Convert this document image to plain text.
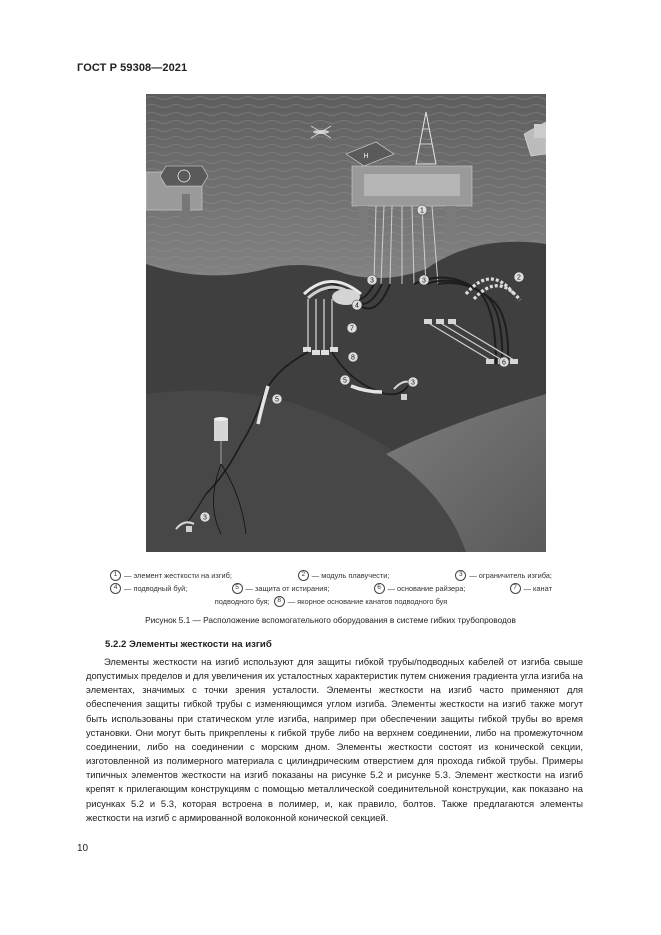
ГОСТ Р 59308—2021
H
1
2
3
3
3
3
4
5
5
6
7
8
1 — элемент жесткости на изгиб;	2 — модуль плавучести;	3 — ограничитель изгиба;
4 — подводный буй;	5 — защита от истирания;	6 — основание райзера;	7 — канат
подводного буя;	8 — якорное основание канатов подводного буя
Рисунок 5.1 — Расположение вспомогательного оборудования в системе гибких трубопроводов
5.2.2 Элементы жесткости на изгиб

Элементы жесткости на изгиб используют для защиты гибкой трубы/подводных кабелей от изгиба свыше допустимых пределов и для увеличения их усталостных характеристик путем снижения градиента угла изгиба на элементах, значимых с точки зрения усталости. Элементы жесткости на изгиб часто применяют для обеспечения защиты гибкой трубы с изменяющимся углом изгиба. Элементы жесткости на изгиб также могут быть использованы при статическом угле изгиба, например при обеспечении защиты гибкой трубы во время установки. Они могут быть прикреплены к гибкой трубе либо на верхнем соединении, либо на промежуточном соединении, либо на соединении с морским дном. Элементы жесткости состоят из конической секции, изготовленной из полимерного материала с цилиндрическим отверстием для прохода гибкой трубы. Примеры типичных элементов жесткости на изгиб показаны на рисунке 5.2 и рисунке 5.3. Элемент жесткости на изгиб крепят к прилегающим конструкциям с помощью металлической соединительной конструкции, как показано на рисунках 5.2 и 5.3, которая встроена в полимер, и, как правило, болтов. Также предлагаются элементы жесткости на изгиб с армированной волоконной конической секцией.

10
